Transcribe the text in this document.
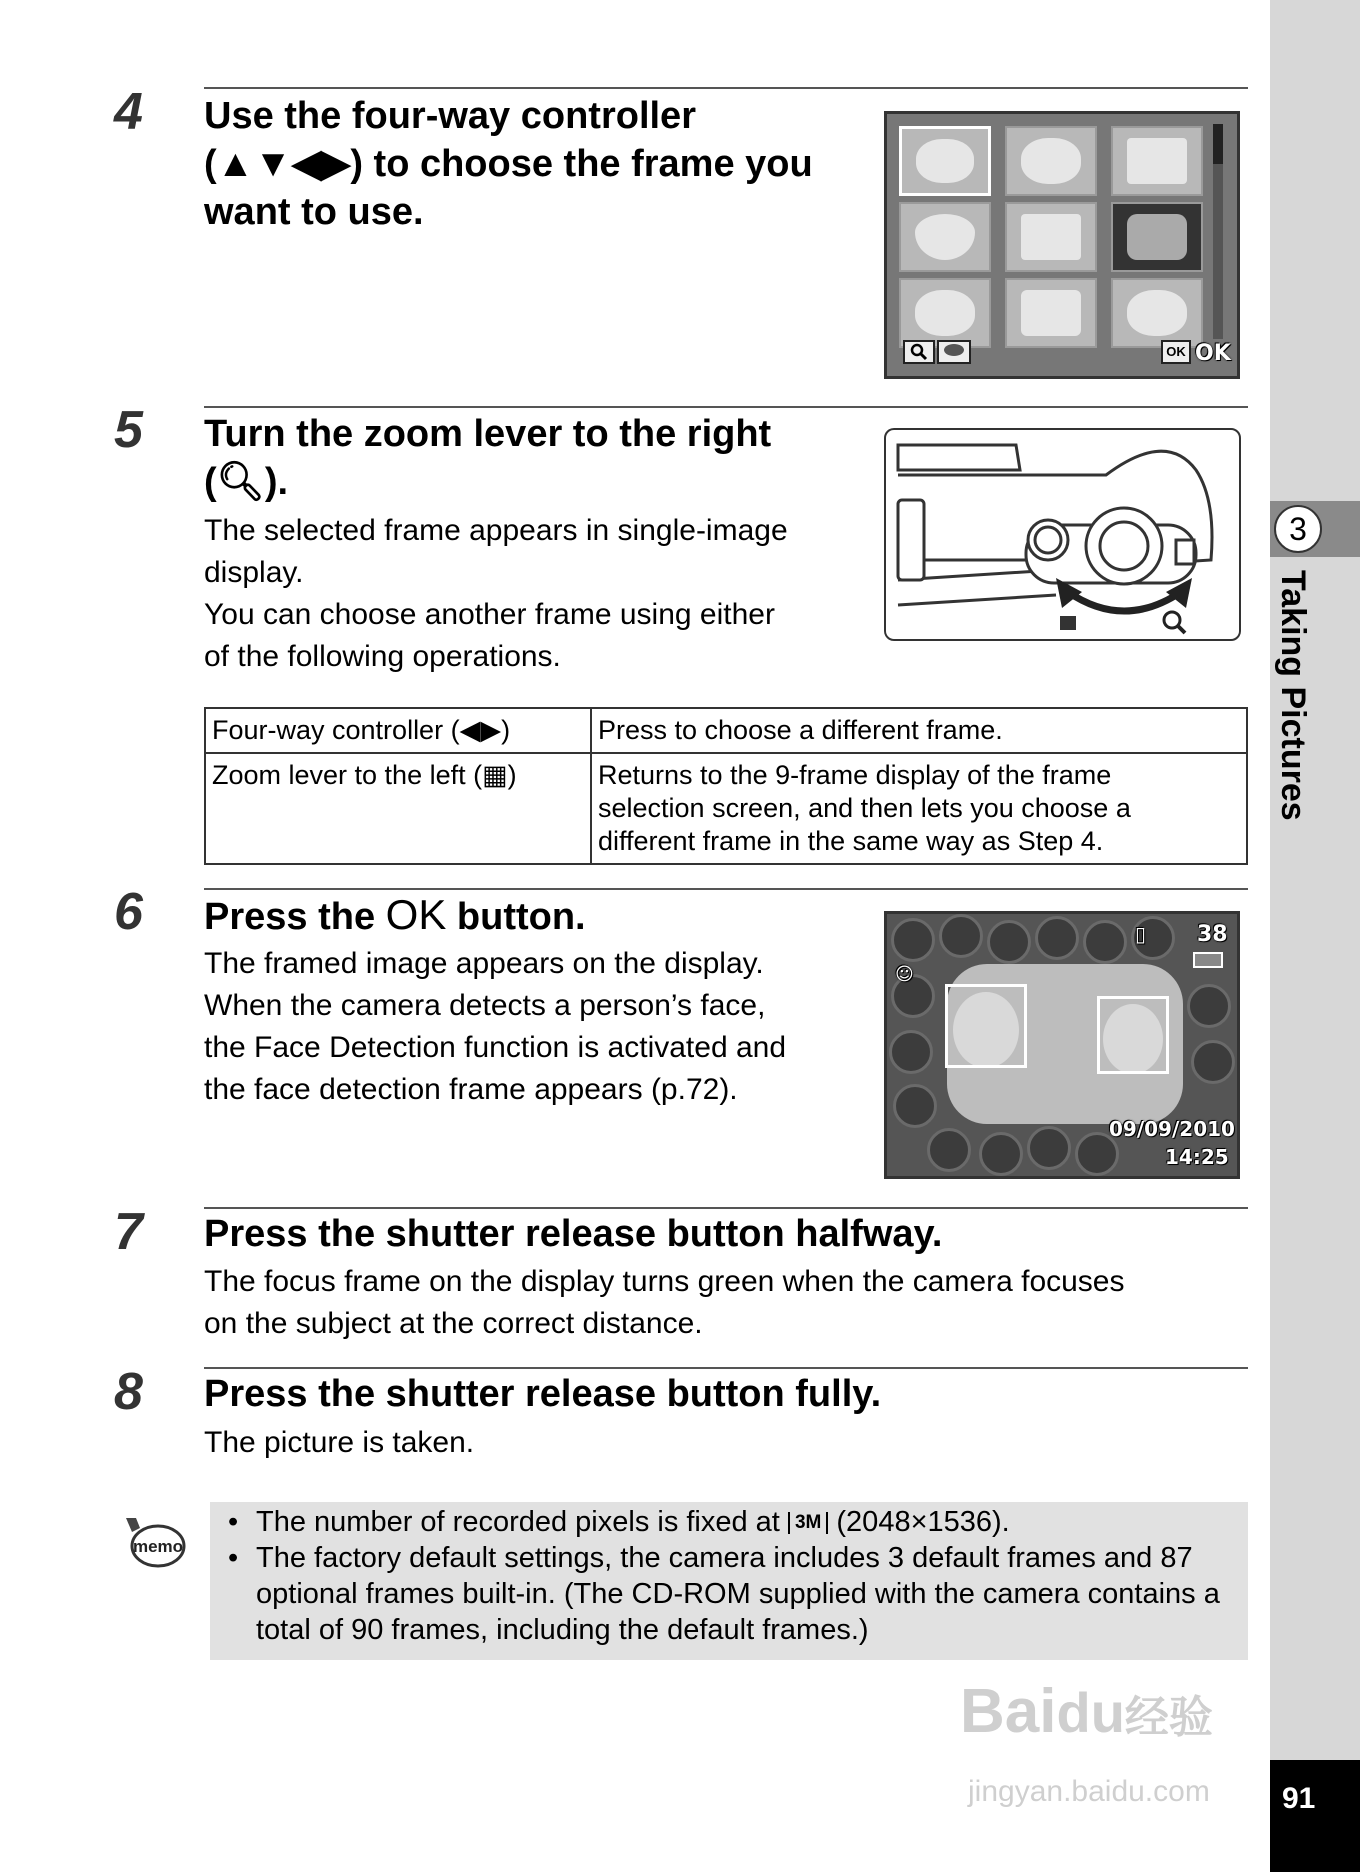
3
Taking Pictures
91
4 Use the four-way controller
(▲▼◀▶) to choose the frame you
want to use.
OK OK
5 Turn the zoom lever to the right
(🔍︎).
The selected frame appears in single-image
display.
You can choose another frame using either
of the following operations.
Four-way controller (◀▶)	Press to choose a different frame.

Zoom lever to the left (▦)	Returns to the 9-frame display of the frame
selection screen, and then lets you choose a
different frame in the same way as Step 4.
6 Press the OK button.
The framed image appears on the display.
When the camera detects a person’s face,
the Face Detection function is activated and
the face detection frame appears (p.72).
☺
▯ 38
09/09/2010
14:25
7 Press the shutter release button halfway.
The focus frame on the display turns green when the camera focuses
on the subject at the correct distance.
8 Press the shutter release button fully.
The picture is taken.
memo
• The number of recorded pixels is fixed at 3M (2048×1536).
• The factory default settings, the camera includes 3 default frames and 87 optional frames built-in. (The CD-ROM supplied with the camera contains a total of 90 frames, including the default frames.)
Baidu经验
jingyan.baidu.com
